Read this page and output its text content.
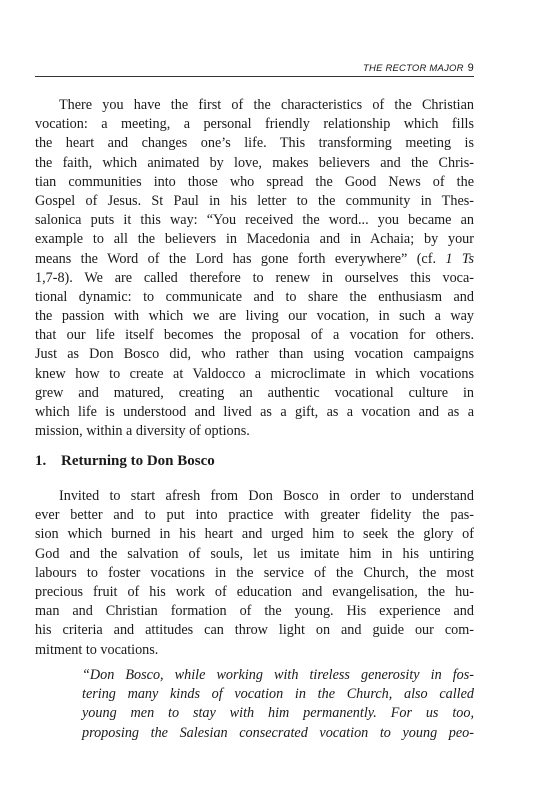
THE RECTOR MAJOR 9
There you have the first of the characteristics of the Christian
vocation: a meeting, a personal friendly relationship which fills
the heart and changes one’s life. This transforming meeting is
the faith, which animated by love, makes believers and the Chris-
tian communities into those who spread the Good News of the
Gospel of Jesus. St Paul in his letter to the community in Thes-
salonica puts it this way: “You received the word... you became an
example to all the believers in Macedonia and in Achaia; by your
means the Word of the Lord has gone forth everywhere” (cf. 1 Ts
1,7-8). We are called therefore to renew in ourselves this voca-
tional dynamic: to communicate and to share the enthusiasm and
the passion with which we are living our vocation, in such a way
that our life itself becomes the proposal of a vocation for others.
Just as Don Bosco did, who rather than using vocation campaigns
knew how to create at Valdocco a microclimate in which vocations
grew and matured, creating an authentic vocational culture in
which life is understood and lived as a gift, as a vocation and as a
mission, within a diversity of options.
1. Returning to Don Bosco
Invited to start afresh from Don Bosco in order to understand
ever better and to put into practice with greater fidelity the pas-
sion which burned in his heart and urged him to seek the glory of
God and the salvation of souls, let us imitate him in his untiring
labours to foster vocations in the service of the Church, the most
precious fruit of his work of education and evangelisation, the hu-
man and Christian formation of the young. His experience and
his criteria and attitudes can throw light on and guide our com-
mitment to vocations.
“Don Bosco, while working with tireless generosity in fos-
tering many kinds of vocation in the Church, also called
young men to stay with him permanently. For us too,
proposing the Salesian consecrated vocation to young peo-
